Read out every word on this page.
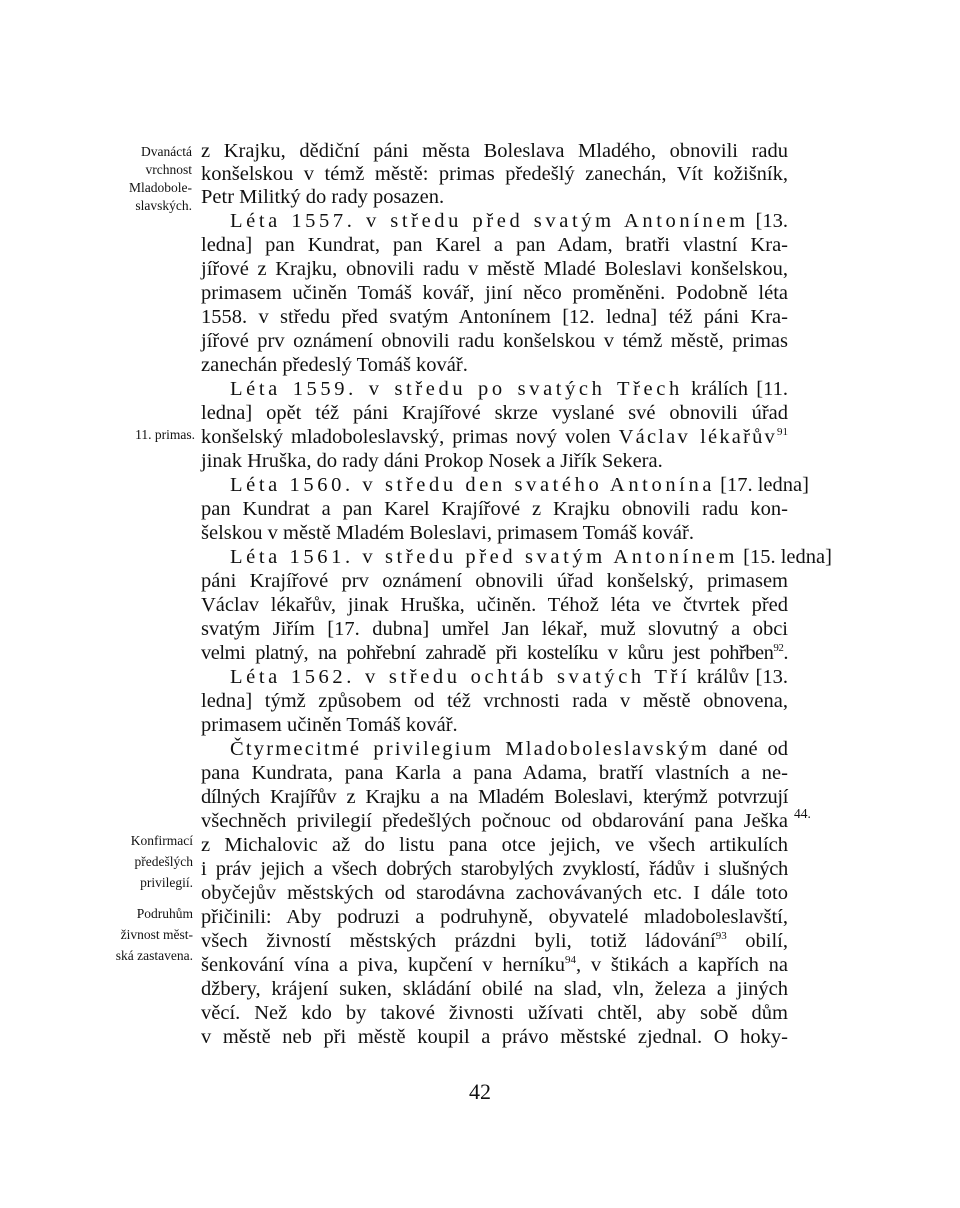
Dvanáctá
vrchnost
Mladobole-
slavských.
11. primas.
Konfirmací
předešlých
privilegií.
Podruhům
živnost měst-
ská zastavena.
44.
z Krajku, dědiční páni města Boleslava Mladého, obnovili radu
konšelskou v témž městě: primas předešlý zanechán, Vít kožišník,
Petr Militký do rady posazen.
Léta 1557. v středu před svatým Antonínem [13.
ledna] pan Kundrat, pan Karel a pan Adam, bratři vlastní Kra-
jířové z Krajku, obnovili radu v městě Mladé Boleslavi konšelskou,
primasem učiněn Tomáš kovář, jiní něco proměněni. Podobně léta
1558. v středu před svatým Antonínem [12. ledna] též páni Kra-
jířové prv oznámení obnovili radu konšelskou v témž městě, primas
zanechán předeslý Tomáš kovář.
Léta 1559. v středu po svatých Třech králích [11.
ledna] opět též páni Krajířové skrze vyslané své obnovili úřad
konšelský mladoboleslavský, primas nový volen Václav lékařův$^{91}$
jinak Hruška, do rady dáni Prokop Nosek a Jiřík Sekera.
Léta 1560. v středu den svatého Antonína [17. ledna]
pan Kundrat a pan Karel Krajířové z Krajku obnovili radu kon-
šelskou v městě Mladém Boleslavi, primasem Tomáš kovář.
Léta 1561. v středu před svatým Antonínem [15. ledna]
páni Krajířové prv oznámení obnovili úřad konšelský, primasem
Václav lékařův, jinak Hruška, učiněn. Téhož léta ve čtvrtek před
svatým Jiřím [17. dubna] umřel Jan lékař, muž slovutný a obci
velmi platný, na pohřební zahradě při kostelíku v kůru jest pohřben$^{92}$.
Léta 1562. v středu ochtáb svatých Tří králův [13.
ledna] týmž způsobem od též vrchnosti rada v městě obnovena,
primasem učiněn Tomáš kovář.
Čtyrmecitmé privilegium Mladoboleslavským dané od
pana Kundrata, pana Karla a pana Adama, bratří vlastních a ne-
dílných Krajířův z Krajku a na Mladém Boleslavi, kterýmž potvrzují
všechněch privilegií předešlých počnouc od obdarování pana Ješka
z Michalovic až do listu pana otce jejich, ve všech artikulích
i práv jejich a všech dobrých starobylých zvyklostí, řádův i slušných
obyčejův městských od starodávna zachovávaných etc. I dále toto
přičinili: Aby podruzi a podruhyně, obyvatelé mladoboleslavští,
všech živností městských prázdni byli, totiž ládování$^{93}$ obilí,
šenkování vína a piva, kupčení v herníku$^{94}$, v štikách a kapřích na
džbery, krájení suken, skládání obilé na slad, vln, železa a jiných
věcí. Než kdo by takové živnosti užívati chtěl, aby sobě dům
v městě neb při městě koupil a právo městské zjednal. O hoky-
42
